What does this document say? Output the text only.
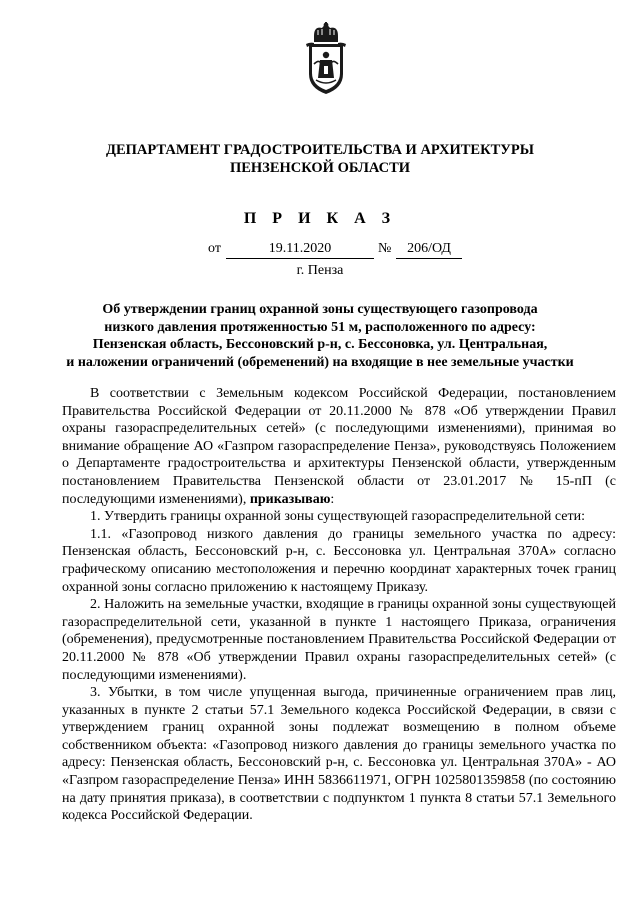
ДЕПАРТАМЕНТ ГРАДОСТРОИТЕЛЬСТВА И АРХИТЕКТУРЫ
ПЕНЗЕНСКОЙ ОБЛАСТИ
П Р И К А З
от	19.11.2020	№	206/ОД
г. Пенза
Об утверждении границ охранной зоны существующего газопровода
низкого давления протяженностью 51 м, расположенного по адресу:
Пензенская область, Бессоновский р-н, с. Бессоновка, ул. Центральная,
и наложении ограничений (обременений) на входящие в нее земельные участки

В соответствии с Земельным кодексом Российской Федерации, постановлением Правительства Российской Федерации от 20.11.2000 № 878 «Об утверждении Правил охраны газораспределительных сетей» (с последующими изменениями), принимая во внимание обращение АО «Газпром газораспределение Пенза», руководствуясь Положением о Департаменте градостроительства и архитектуры Пензенской области, утвержденным постановлением Правительства Пензенской области от 23.01.2017 № 15-пП (с последующими изменениями), приказываю:

1. Утвердить границы охранной зоны существующей газораспределительной сети:

1.1. «Газопровод низкого давления до границы земельного участка по адресу: Пензенская область, Бессоновский р-н, с. Бессоновка ул. Центральная 370А» согласно графическому описанию местоположения и перечню координат характерных точек границ охранной зоны согласно приложению к настоящему Приказу.

2. Наложить на земельные участки, входящие в границы охранной зоны существующей газораспределительной сети, указанной в пункте 1 настоящего Приказа, ограничения (обременения), предусмотренные постановлением Правительства Российской Федерации от 20.11.2000 № 878 «Об утверждении Правил охраны газораспределительных сетей» (с последующими изменениями).

3. Убытки, в том числе упущенная выгода, причиненные ограничением прав лиц, указанных в пункте 2 статьи 57.1 Земельного кодекса Российской Федерации, в связи с утверждением границ охранной зоны подлежат возмещению в полном объеме собственником объекта: «Газопровод низкого давления до границы земельного участка по адресу: Пензенская область, Бессоновский р-н, с. Бессоновка ул. Центральная 370А» - АО «Газпром газораспределение Пенза» ИНН 5836611971, ОГРН 1025801359858 (по состоянию на дату принятия приказа), в соответствии с подпунктом 1 пункта 8 статьи 57.1 Земельного кодекса Российской Федерации.
